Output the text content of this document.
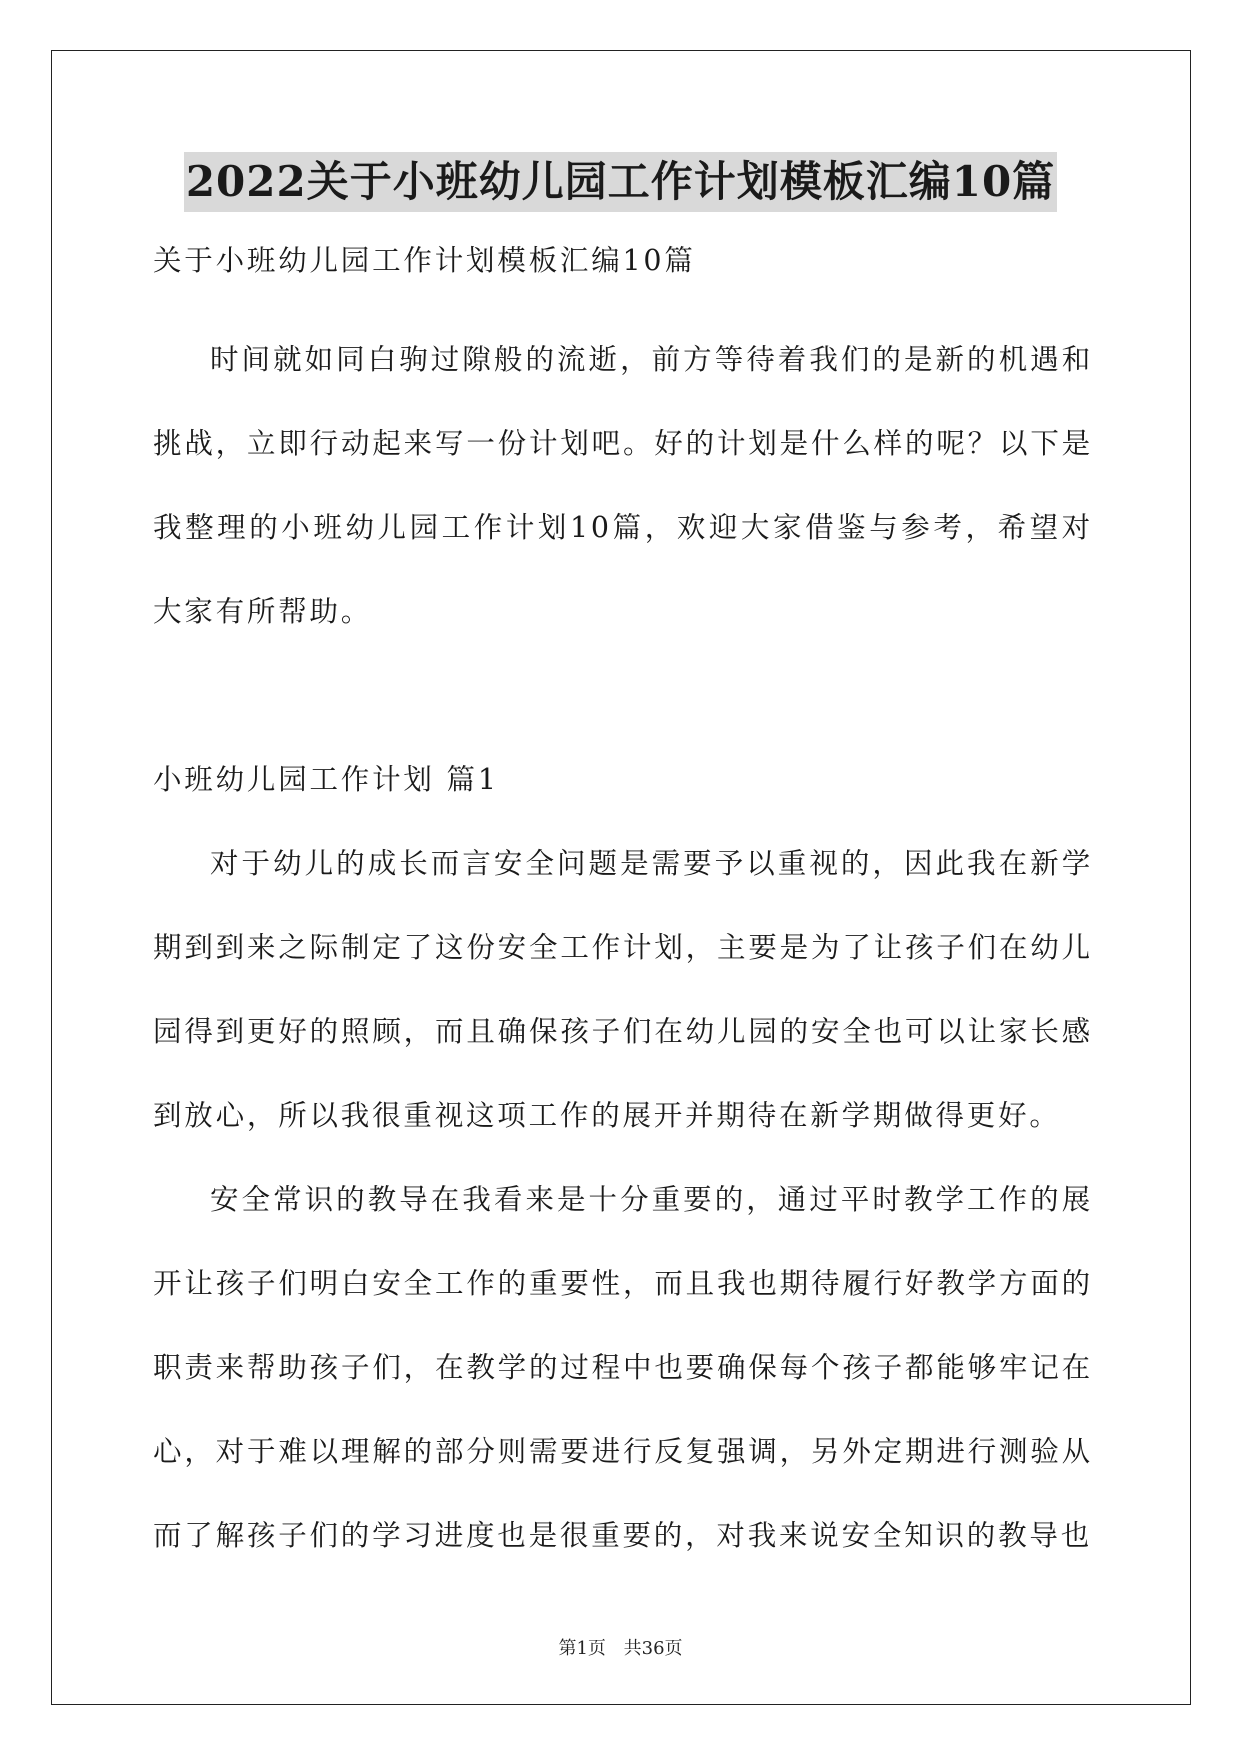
2022关于小班幼儿园工作计划模板汇编10篇

关于小班幼儿园工作计划模板汇编10篇

时间就如同白驹过隙般的流逝，前方等待着我们的是新的机遇和挑战，立即行动起来写一份计划吧。好的计划是什么样的呢？以下是我整理的小班幼儿园工作计划10篇，欢迎大家借鉴与参考，希望对大家有所帮助。

小班幼儿园工作计划 篇1

对于幼儿的成长而言安全问题是需要予以重视的，因此我在新学期到到来之际制定了这份安全工作计划，主要是为了让孩子们在幼儿园得到更好的照顾，而且确保孩子们在幼儿园的安全也可以让家长感到放心，所以我很重视这项工作的展开并期待在新学期做得更好。

安全常识的教导在我看来是十分重要的，通过平时教学工作的展开让孩子们明白安全工作的重要性，而且我也期待履行好教学方面的职责来帮助孩子们，在教学的过程中也要确保每个孩子都能够牢记在心，对于难以理解的部分则需要进行反复强调，另外定期进行测验从而了解孩子们的学习进度也是很重要的，对我来说安全知识的教导也

第1页 共36页
